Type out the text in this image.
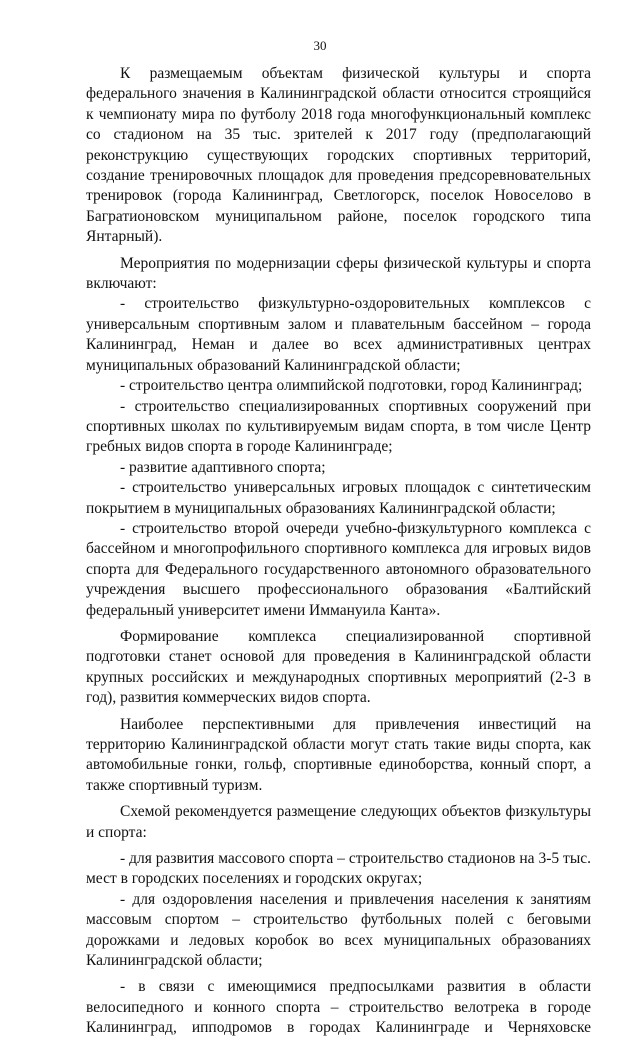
30

К размещаемым объектам физической культуры и спорта федерального значения в Калининградской области относится строящийся к чемпионату мира по футболу 2018 года многофункциональный комплекс со стадионом на 35 тыс. зрителей к 2017 году (предполагающий реконструкцию существующих городских спортивных территорий, создание тренировочных площадок для проведения предсоревновательных тренировок (города Калининград, Светлогорск, поселок Новоселово в Багратионовском муниципальном районе, поселок городского типа Янтарный).

Мероприятия по модернизации сферы физической культуры и спорта включают:

- строительство физкультурно-оздоровительных комплексов с универсальным спортивным залом и плавательным бассейном – города Калининград, Неман и далее во всех административных центрах муниципальных образований Калининградской области;

- строительство центра олимпийской подготовки, город Калининград;

- строительство специализированных спортивных сооружений при спортивных школах по культивируемым видам спорта, в том числе Центр гребных видов спорта в городе Калининграде;

- развитие адаптивного спорта;

- строительство универсальных игровых площадок с синтетическим покрытием в муниципальных образованиях Калининградской области;

- строительство второй очереди учебно-физкультурного комплекса с бассейном и многопрофильного спортивного комплекса для игровых видов спорта для Федерального государственного автономного образовательного учреждения высшего профессионального образования «Балтийский федеральный университет имени Иммануила Канта».

Формирование комплекса специализированной спортивной подготовки станет основой для проведения в Калининградской области крупных российских и международных спортивных мероприятий (2-3 в год), развития коммерческих видов спорта.

Наиболее перспективными для привлечения инвестиций на территорию Калининградской области могут стать такие виды спорта, как автомобильные гонки, гольф, спортивные единоборства, конный спорт, а также спортивный туризм.

Схемой рекомендуется размещение следующих объектов физкультуры и спорта:

- для развития массового спорта – строительство стадионов на 3-5 тыс. мест в городских поселениях и городских округах;

- для оздоровления населения и привлечения населения к занятиям массовым спортом – строительство футбольных полей с беговыми дорожками и ледовых коробок во всех муниципальных образованиях Калининградской области;

- в связи с имеющимися предпосылками развития в области велосипедного и конного спорта – строительство велотрека в городе Калининград, ипподромов в городах Калининграде и Черняховске
